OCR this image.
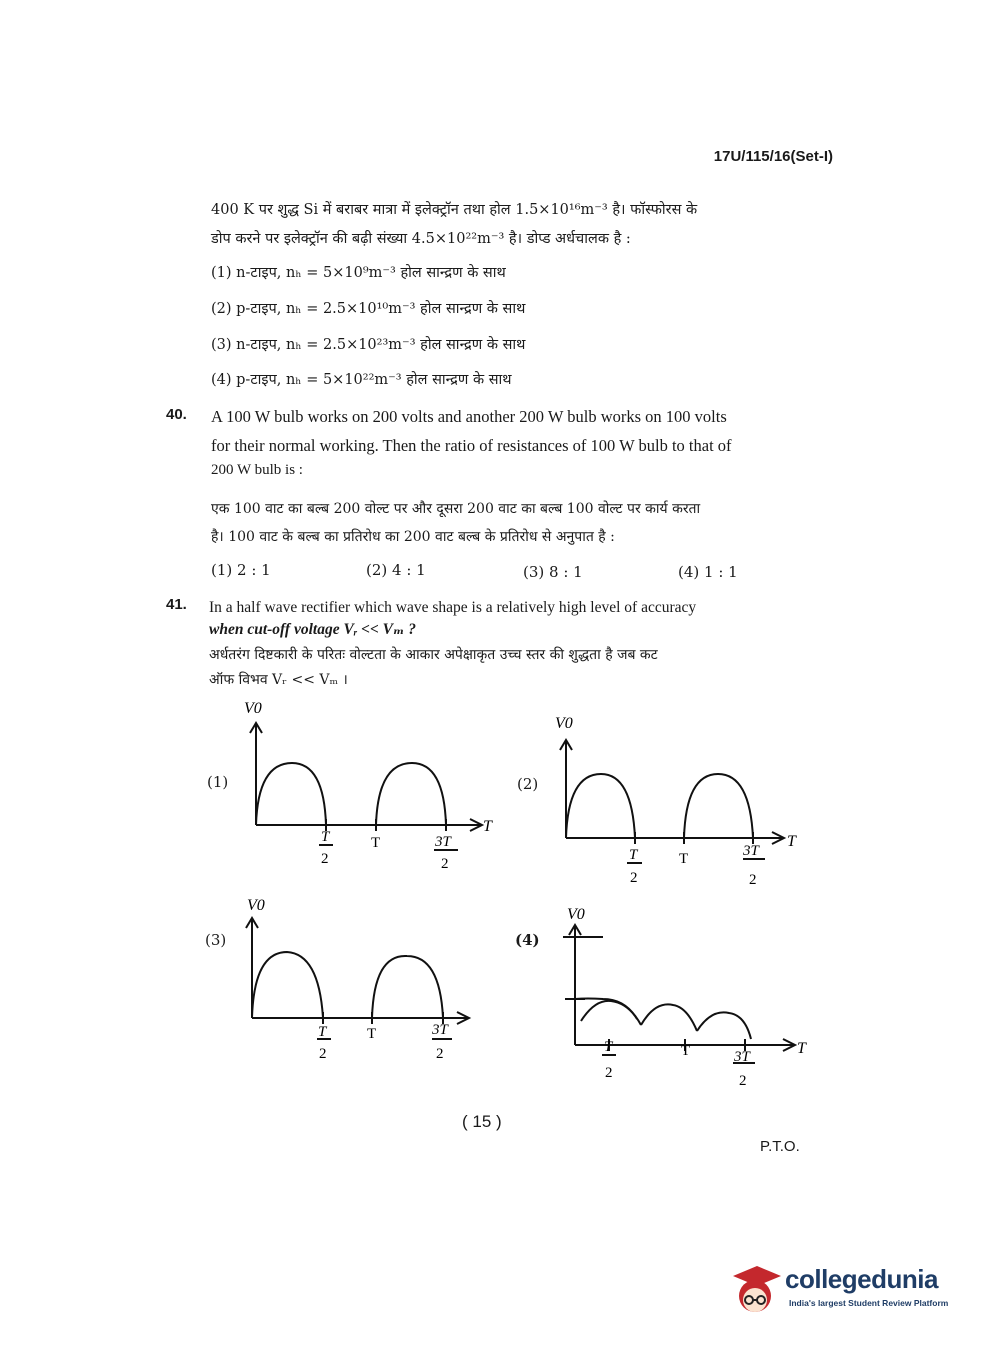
17U/115/16(Set-I)
400 K पर शुद्ध Si में बराबर मात्रा में इलेक्ट्रॉन तथा होल 1.5×10¹⁶m⁻³ है। फॉस्फोरस के
डोप करने पर इलेक्ट्रॉन की बढ़ी संख्या 4.5×10²²m⁻³ है। डोप्ड अर्धचालक है :
(1) n-टाइप, nₕ = 5×10⁹m⁻³ होल सान्द्रण के साथ
(2) p-टाइप, nₕ = 2.5×10¹⁰m⁻³ होल सान्द्रण के साथ
(3) n-टाइप, nₕ = 2.5×10²³m⁻³ होल सान्द्रण के साथ
(4) p-टाइप, nₕ = 5×10²²m⁻³ होल सान्द्रण के साथ
40. A 100 W bulb works on 200 volts and another 200 W bulb works on 100 volts
for their normal working. Then the ratio of resistances of 100 W bulb to that of
200 W bulb is :
एक 100 वाट का बल्ब 200 वोल्ट पर और दूसरा 200 वाट का बल्ब 100 वोल्ट पर कार्य करता
है। 100 वाट के बल्ब का प्रतिरोध का 200 वाट बल्ब के प्रतिरोध से अनुपात है :
(1) 2 : 1	(2) 4 : 1	(3) 8 : 1	(4) 1 : 1
41. In a half wave rectifier which wave shape is a relatively high level of accuracy
when cut-off voltage Vᵣ << Vₘ ?
अर्धतरंग दिष्टकारी के परितः वोल्टता के आकार अपेक्षाकृत उच्च स्तर की शुद्धता है जब कट
ऑफ विभव Vᵣ << Vₘ ।
(1)	(2)
(3)	(4)
V0
T
T
2
T	3T
2
V0
T
T
2
T	3T
2
V0
T
2
T	3T
2
V0
T
T
2
T	3T
2
( 15 )
P.T.O.
collegedunia
India's largest Student Review Platform
